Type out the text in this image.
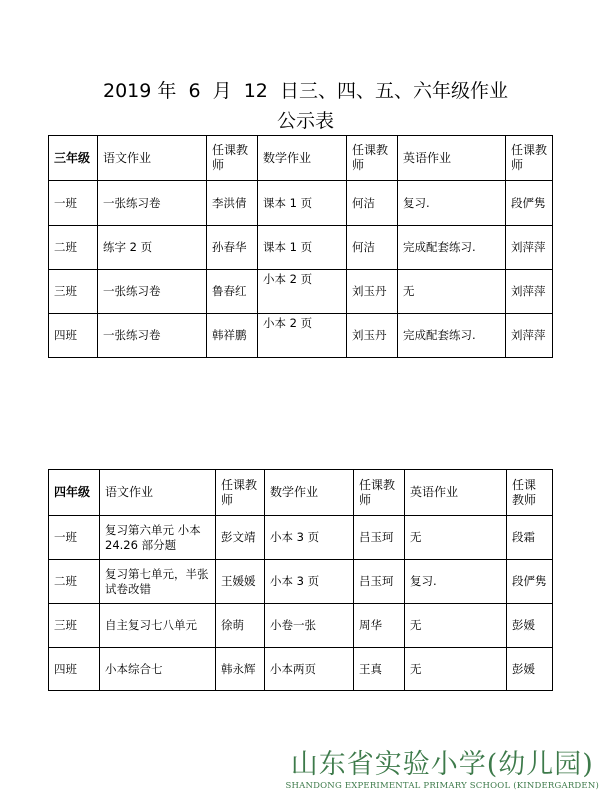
2019 年  6  月  12  日三、四、五、六年级作业
公示表
三年级	语文作业	任课教师	数学作业	任课教师	英语作业	任课教师
一班	一张练习卷	李洪倩	课本 1 页	何洁	复习.	段俨隽
二班	练字 2 页	孙春华	课本 1 页	何洁	完成配套练习.	刘萍萍
三班	一张练习卷	鲁春红	小本 2 页	刘玉丹	无	刘萍萍
四班	一张练习卷	韩祥鹏	小本 2 页	刘玉丹	完成配套练习.	刘萍萍
四年级	语文作业	任课教师	数学作业	任课教师	英语作业	任课教师
一班	复习第六单元 小本 24.26 部分题	彭文靖	小本 3 页	吕玉珂	无	段霜
二班	复习第七单元，半张试卷改错	王媛媛	小本 3 页	吕玉珂	复习.	段俨隽
三班	自主复习七八单元	徐萌	小卷一张	周华	无	彭媛
四班	小本综合七	韩永辉	小本两页	王真	无	彭媛
山东省实验小学(幼儿园)
SHANDONG EXPERIMENTAL PRIMARY SCHOOL (KINDERGARDEN)
